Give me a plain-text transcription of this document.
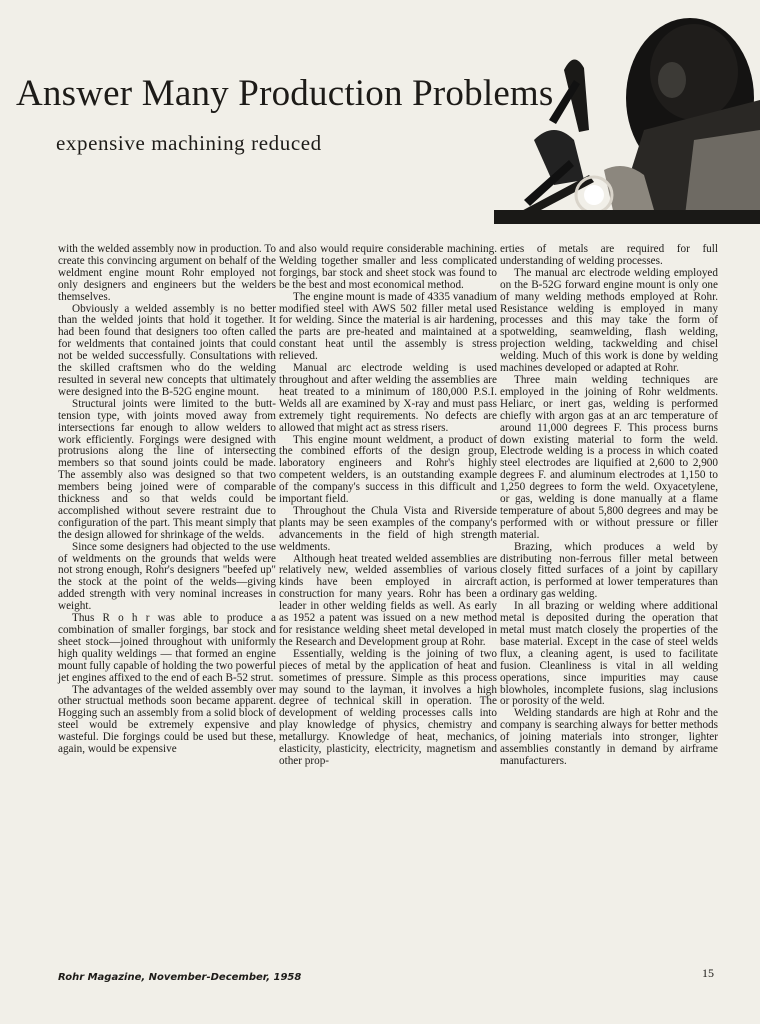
Answer Many Production Problems
expensive machining reduced

with the welded assembly now in production. To create this convincing argument on behalf of the weldment engine mount Rohr employed not only designers and engineers but the welders themselves.

Obviously a welded assembly is no better than the welded joints that hold it together. It had been found that designers too often called for weldments that contained joints that could not be welded successfully. Consultations with the skilled craftsmen who do the welding resulted in several new concepts that ultimately were designed into the B-52G engine mount.

Structural joints were limited to the butt-tension type, with joints moved away from intersections far enough to allow welders to work efficiently. Forgings were designed with protrusions along the line of intersecting members so that sound joints could be made. The assembly also was designed so that two members being joined were of comparable thickness and so that welds could be accomplished without severe restraint due to configuration of the part. This meant simply that the design allowed for shrinkage of the welds.

Since some designers had objected to the use of weldments on the grounds that welds were not strong enough, Rohr's designers "beefed up" the stock at the point of the welds—giving added strength with very nominal increases in weight.

Thus R o h r was able to produce a combination of smaller forgings, bar stock and sheet stock—joined throughout with uniformly high quality weldings — that formed an engine mount fully capable of holding the two powerful jet engines affixed to the end of each B-52 strut.

The advantages of the welded assembly over other structual methods soon became apparent. Hogging such an assembly from a solid block of steel would be extremely expensive and wasteful. Die forgings could be used but these, again, would be expensive

and also would require considerable machining. Welding together smaller and less complicated forgings, bar stock and sheet stock was found to be the best and most economical method.

The engine mount is made of 4335 vanadium modified steel with AWS 502 filler metal used for welding. Since the material is air hardening, the parts are pre-heated and maintained at a constant heat until the assembly is stress relieved.

Manual arc electrode welding is used throughout and after welding the assemblies are heat treated to a minimum of 180,000 P.S.I. Welds all are examined by X-ray and must pass extremely tight requirements. No defects are allowed that might act as stress risers.

This engine mount weldment, a product of the combined efforts of the design group, laboratory engineers and Rohr's highly competent welders, is an outstanding example of the company's success in this difficult and important field.

Throughout the Chula Vista and Riverside plants may be seen examples of the company's advancements in the field of high strength weldments.

Although heat treated welded assemblies are relatively new, welded assemblies of various kinds have been employed in aircraft construction for many years. Rohr has been a leader in other welding fields as well. As early as 1952 a patent was issued on a new method for resistance welding sheet metal developed in the Research and Development group at Rohr.

Essentially, welding is the joining of two pieces of metal by the application of heat and sometimes of pressure. Simple as this process may sound to the layman, it involves a high degree of technical skill in operation. The development of welding processes calls into play knowledge of physics, chemistry and metallurgy. Knowledge of heat, mechanics, elasticity, plasticity, electricity, magnetism and other prop-

erties of metals are required for full understanding of welding processes.

The manual arc electrode welding employed on the B-52G forward engine mount is only one of many welding methods employed at Rohr. Resistance welding is employed in many processes and this may take the form of spotwelding, seamwelding, flash welding, projection welding, tackwelding and chisel welding. Much of this work is done by welding machines developed or adapted at Rohr.

Three main welding techniques are employed in the joining of Rohr weldments. Heliarc, or inert gas, welding is performed chiefly with argon gas at an arc temperature of around 11,000 degrees F. This process burns down existing material to form the weld. Electrode welding is a process in which coated steel electrodes are liquified at 2,600 to 2,900 degrees F. and aluminum electrodes at 1,150 to 1,250 degrees to form the weld. Oxyacetylene, or gas, welding is done manually at a flame temperature of about 5,800 degrees and may be performed with or without pressure or filler material.

Brazing, which produces a weld by distributing non-ferrous filler metal between closely fitted surfaces of a joint by capillary action, is performed at lower temperatures than ordinary gas welding.

In all brazing or welding where additional metal is deposited during the operation that metal must match closely the properties of the base material. Except in the case of steel welds flux, a cleaning agent, is used to facilitate fusion. Cleanliness is vital in all welding operations, since impurities may cause blowholes, incomplete fusions, slag inclusions or porosity of the weld.

Welding standards are high at Rohr and the company is searching always for better methods of joining materials into stronger, lighter assemblies constantly in demand by airframe manufacturers.

Rohr Magazine, November-December, 1958	15
